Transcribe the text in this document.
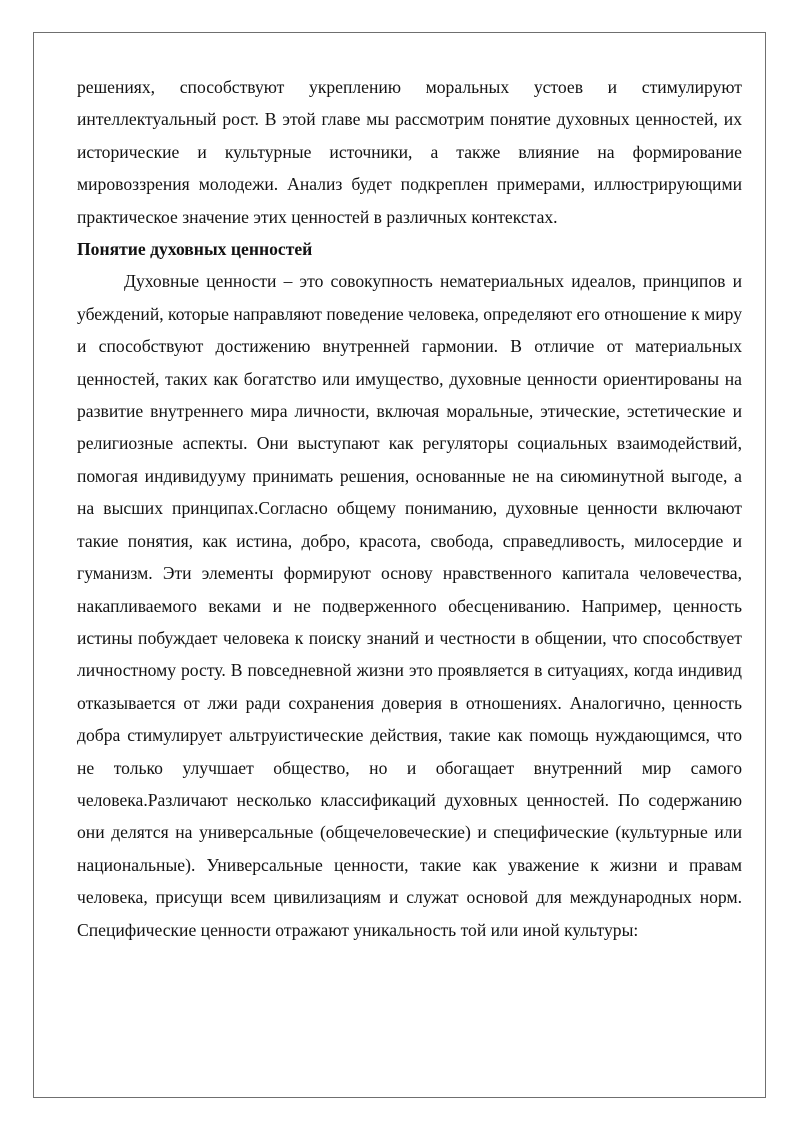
решениях, способствуют укреплению моральных устоев и стимулируют интеллектуальный рост. В этой главе мы рассмотрим понятие духовных ценностей, их исторические и культурные источники, а также влияние на формирование мировоззрения молодежи. Анализ будет подкреплен примерами, иллюстрирующими практическое значение этих ценностей в различных контекстах.

Понятие духовных ценностей

Духовные ценности – это совокупность нематериальных идеалов, принципов и убеждений, которые направляют поведение человека, определяют его отношение к миру и способствуют достижению внутренней гармонии. В отличие от материальных ценностей, таких как богатство или имущество, духовные ценности ориентированы на развитие внутреннего мира личности, включая моральные, этические, эстетические и религиозные аспекты. Они выступают как регуляторы социальных взаимодействий, помогая индивидууму принимать решения, основанные не на сиюминутной выгоде, а на высших принципах.Согласно общему пониманию, духовные ценности включают такие понятия, как истина, добро, красота, свобода, справедливость, милосердие и гуманизм. Эти элементы формируют основу нравственного капитала человечества, накапливаемого веками и не подверженного обесцениванию. Например, ценность истины побуждает человека к поиску знаний и честности в общении, что способствует личностному росту. В повседневной жизни это проявляется в ситуациях, когда индивид отказывается от лжи ради сохранения доверия в отношениях. Аналогично, ценность добра стимулирует альтруистические действия, такие как помощь нуждающимся, что не только улучшает общество, но и обогащает внутренний мир самого человека.Различают несколько классификаций духовных ценностей. По содержанию они делятся на универсальные (общечеловеческие) и специфические (культурные или национальные). Универсальные ценности, такие как уважение к жизни и правам человека, присущи всем цивилизациям и служат основой для международных норм. Специфические ценности отражают уникальность той или иной культуры:
